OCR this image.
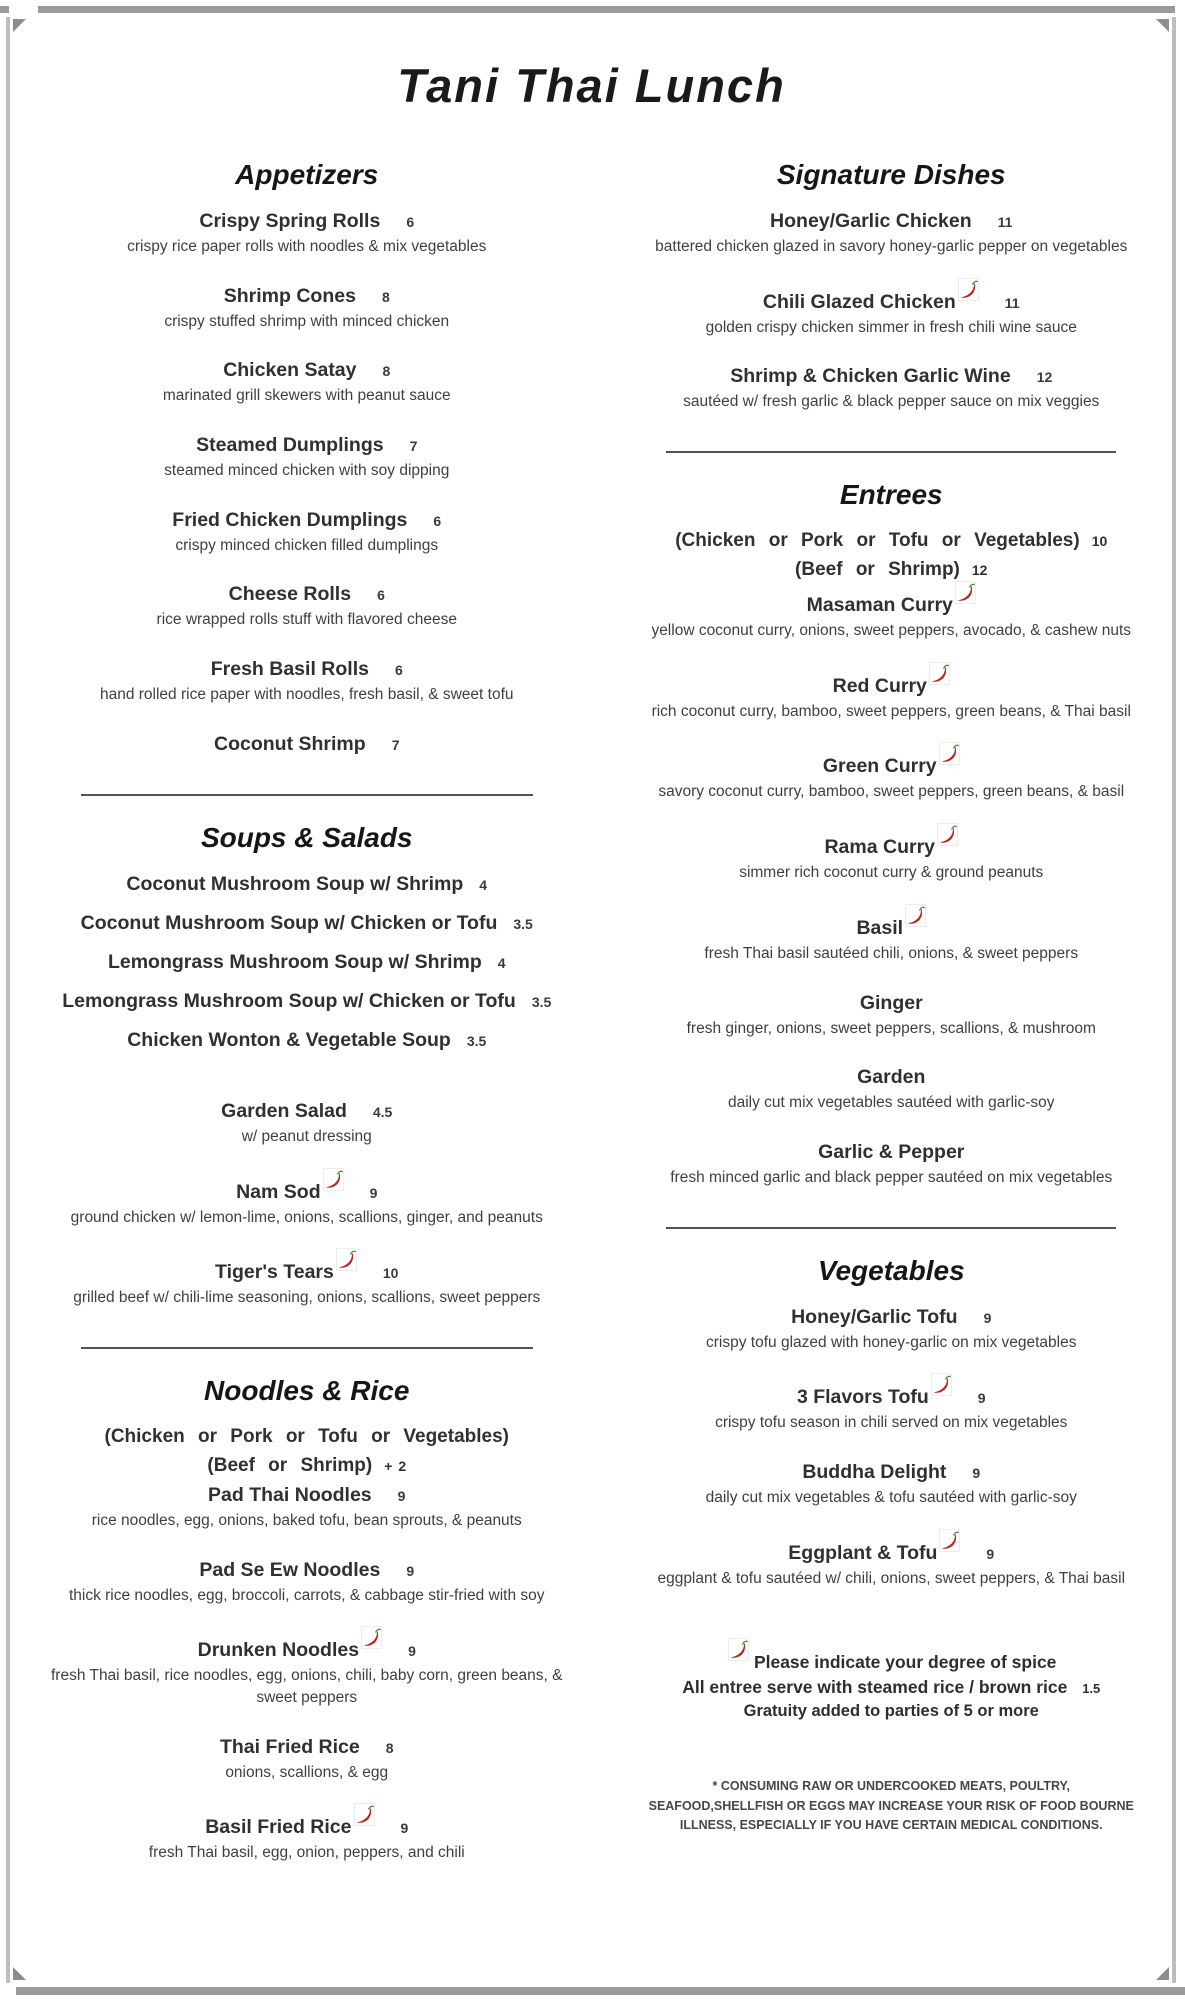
Tani Thai Lunch
Appetizers
Crispy Spring Rolls 6
crispy rice paper rolls with noodles & mix vegetables
Shrimp Cones 8
crispy stuffed shrimp with minced chicken
Chicken Satay 8
marinated grill skewers with peanut sauce
Steamed Dumplings 7
steamed minced chicken with soy dipping
Fried Chicken Dumplings 6
crispy minced chicken filled dumplings
Cheese Rolls 6
rice wrapped rolls stuff with flavored cheese
Fresh Basil Rolls 6
hand rolled rice paper with noodles, fresh basil, & sweet tofu
Coconut Shrimp 7
Soups & Salads
Coconut Mushroom Soup w/ Shrimp 4
Coconut Mushroom Soup w/ Chicken or Tofu 3.5
Lemongrass Mushroom Soup w/ Shrimp 4
Lemongrass Mushroom Soup w/ Chicken or Tofu 3.5
Chicken Wonton & Vegetable Soup 3.5
Garden Salad 4.5
w/ peanut dressing
Nam Sod	9
ground chicken w/ lemon-lime, onions, scallions, ginger, and peanuts
Tiger's Tears	10
grilled beef w/ chili-lime seasoning, onions, scallions, sweet peppers
Noodles & Rice
(Chicken or Pork or Tofu or Vegetables)
(Beef or Shrimp) + 2
Pad Thai Noodles 9
rice noodles, egg, onions, baked tofu, bean sprouts, & peanuts
Pad Se Ew Noodles 9
thick rice noodles, egg, broccoli, carrots, & cabbage stir-fried with soy
Drunken Noodles	9
fresh Thai basil, rice noodles, egg, onions, chili, baby corn, green beans, & sweet peppers
Thai Fried Rice 8
onions, scallions, & egg
Basil Fried Rice	9
fresh Thai basil, egg, onion, peppers, and chili
Signature Dishes
Honey/Garlic Chicken 11
battered chicken glazed in savory honey-garlic pepper on vegetables
Chili Glazed Chicken	11
golden crispy chicken simmer in fresh chili wine sauce
Shrimp & Chicken Garlic Wine 12
sautéed w/ fresh garlic & black pepper sauce on mix veggies
Entrees
(Chicken or Pork or Tofu or Vegetables) 10
(Beef or Shrimp) 12
Masaman Curry
yellow coconut curry, onions, sweet peppers, avocado, & cashew nuts
Red Curry
rich coconut curry, bamboo, sweet peppers, green beans, & Thai basil
Green Curry
savory coconut curry, bamboo, sweet peppers, green beans, & basil
Rama Curry
simmer rich coconut curry & ground peanuts
Basil
fresh Thai basil sautéed chili, onions, & sweet peppers
Ginger
fresh ginger, onions, sweet peppers, scallions, & mushroom
Garden
daily cut mix vegetables sautéed with garlic-soy
Garlic & Pepper
fresh minced garlic and black pepper sautéed on mix vegetables
Vegetables
Honey/Garlic Tofu 9
crispy tofu glazed with honey-garlic on mix vegetables
3 Flavors Tofu	9
crispy tofu season in chili served on mix vegetables
Buddha Delight 9
daily cut mix vegetables & tofu sautéed with garlic-soy
Eggplant & Tofu	9
eggplant & tofu sautéed w/ chili, onions, sweet peppers, & Thai basil
Please indicate your degree of spice
All entree serve with steamed rice / brown rice 1.5
Gratuity added to parties of 5 or more
* CONSUMING RAW OR UNDERCOOKED MEATS, POULTRY, SEAFOOD,SHELLFISH OR EGGS MAY INCREASE YOUR RISK OF FOOD BOURNE ILLNESS, ESPECIALLY IF YOU HAVE CERTAIN MEDICAL CONDITIONS.
